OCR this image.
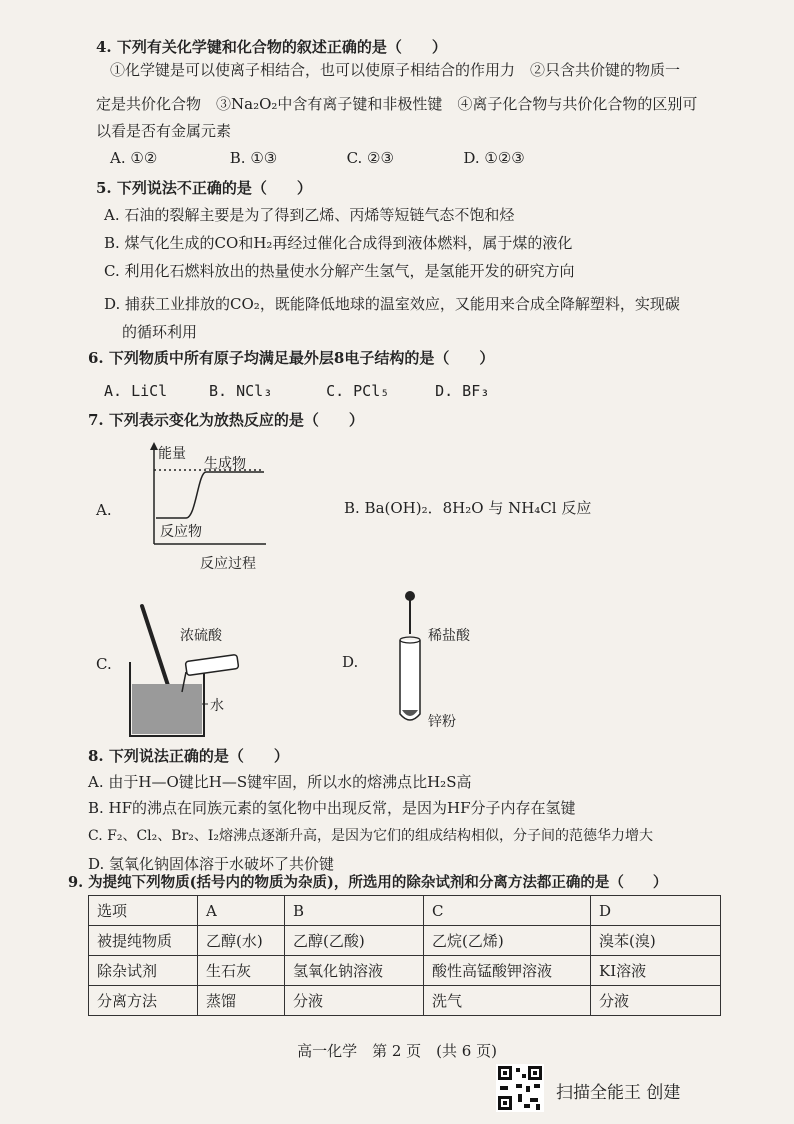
4. 下列有关化学键和化合物的叙述正确的是（　　）
①化学键是可以使离子相结合，也可以使原子相结合的作用力　②只含共价键的物质一
定是共价化合物　③Na₂O₂中含有离子键和非极性键　④离子化合物与共价化合物的区别可
以看是否有金属元素
A. ①②	B. ①③	C. ②③	D. ①②③
5. 下列说法不正确的是（　　）
A. 石油的裂解主要是为了得到乙烯、丙烯等短链气态不饱和烃
B. 煤气化生成的CO和H₂再经过催化合成得到液体燃料，属于煤的液化
C. 利用化石燃料放出的热量使水分解产生氢气，是氢能开发的研究方向
D. 捕获工业排放的CO₂，既能降低地球的温室效应，又能用来合成全降解塑料，实现碳
的循环利用
6. 下列物质中所有原子均满足最外层8电子结构的是（　　）
A. LiCl	B. NCl₃	C. PCl₅	D. BF₃
7. 下列表示变化为放热反应的是（　　）
A.
能量
生成物
反应物
反应过程
B. Ba(OH)₂．8H₂O 与 NH₄Cl 反应
C.
浓硫酸
水
D.
稀盐酸
锌粉
8. 下列说法正确的是（　　）
A. 由于H—O键比H—S键牢固，所以水的熔沸点比H₂S高
B. HF的沸点在同族元素的氢化物中出现反常，是因为HF分子内存在氢键
C. F₂、Cl₂、Br₂、I₂熔沸点逐渐升高，是因为它们的组成结构相似，分子间的范德华力增大
D. 氢氧化钠固体溶于水破坏了共价键
9. 为提纯下列物质(括号内的物质为杂质)，所选用的除杂试剂和分离方法都正确的是（　　）
选项	A	B	C	D
被提纯物质	乙醇(水)	乙醇(乙酸)	乙烷(乙烯)	溴苯(溴)
除杂试剂	生石灰	氢氧化钠溶液	酸性高锰酸钾溶液	KI溶液
分离方法	蒸馏	分液	洗气	分液
高一化学　第 2 页　(共 6 页)
扫描全能王 创建
